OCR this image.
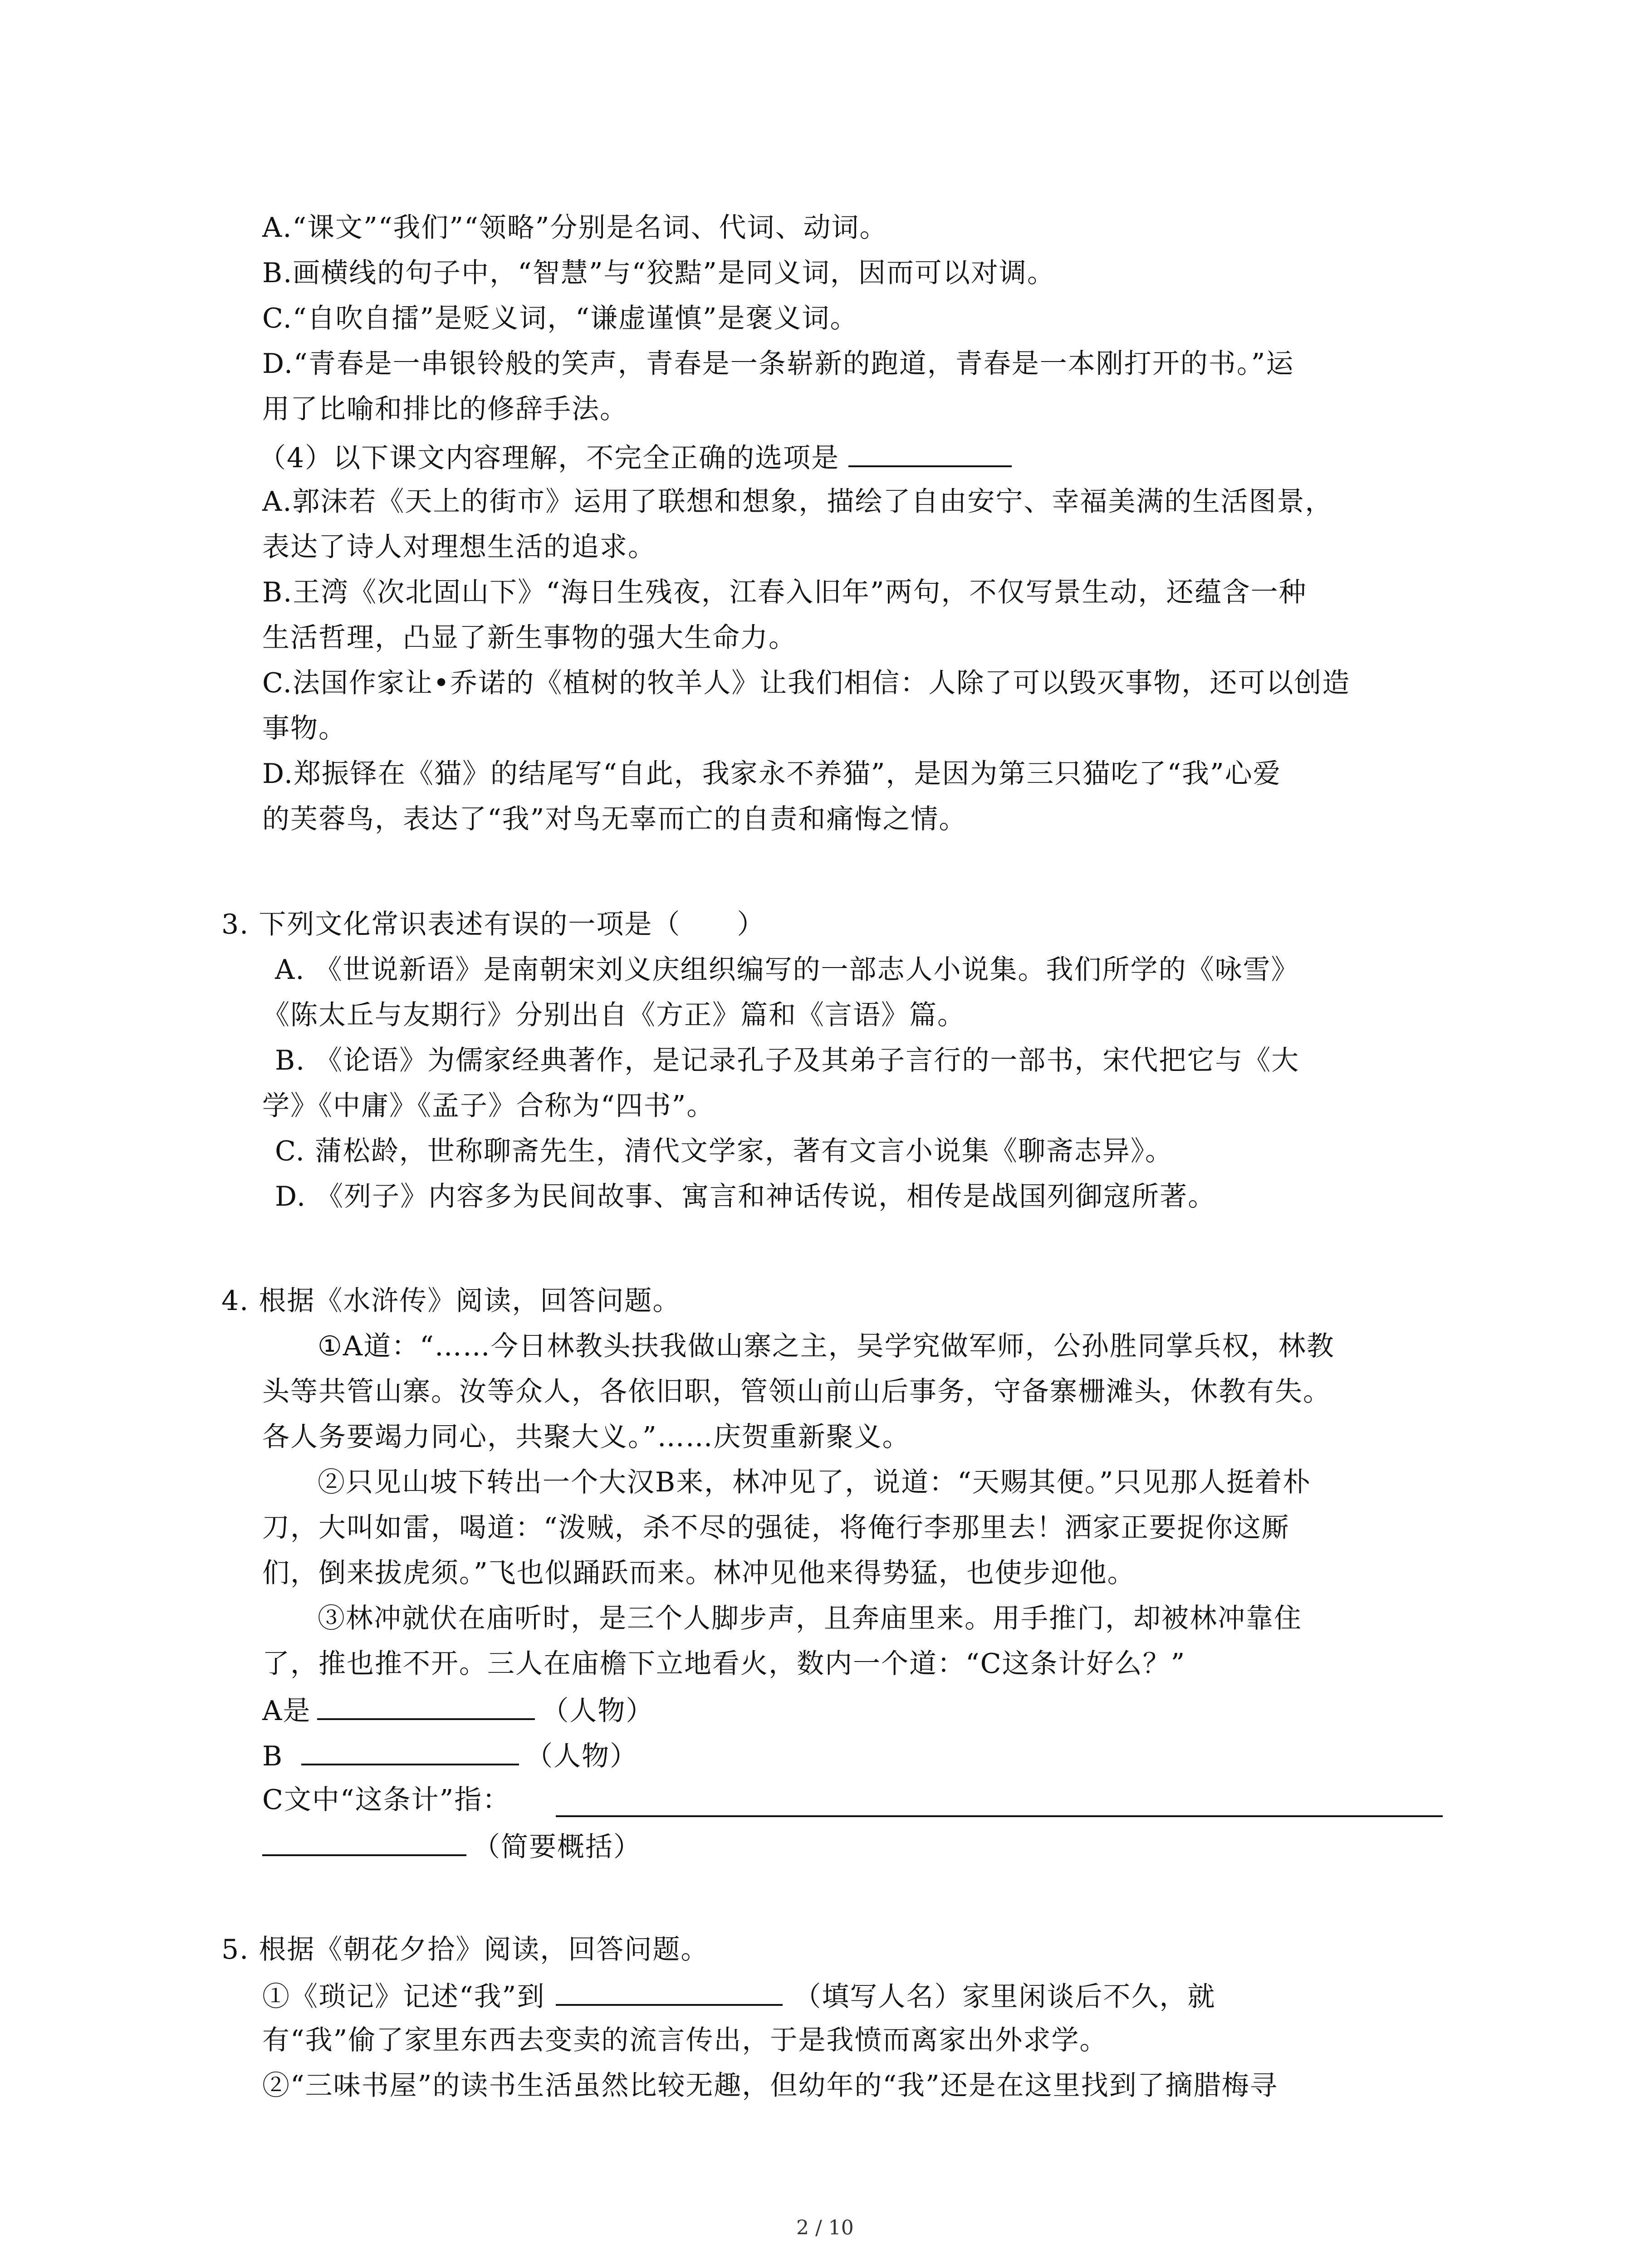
A.“课文”“我们”“领略”分别是名词、代词、动词。
B.画横线的句子中，“智慧”与“狡黠”是同义词，因而可以对调。
C.“自吹自擂”是贬义词，“谦虚谨慎”是褒义词。
D.“青春是一串银铃般的笑声，青春是一条崭新的跑道，青春是一本刚打开的书。”运
用了比喻和排比的修辞手法。
（4）以下课文内容理解，不完全正确的选项是
A.郭沫若《天上的街市》运用了联想和想象，描绘了自由安宁、幸福美满的生活图景，
表达了诗人对理想生活的追求。
B.王湾《次北固山下》“海日生残夜，江春入旧年”两句，不仅写景生动，还蕴含一种
生活哲理，凸显了新生事物的强大生命力。
C.法国作家让•乔诺的《植树的牧羊人》让我们相信：人除了可以毁灭事物，还可以创造
事物。
D.郑振铎在《猫》的结尾写“自此，我家永不养猫”，是因为第三只猫吃了“我”心爱
的芙蓉鸟，表达了“我”对鸟无辜而亡的自责和痛悔之情。
3. 下列文化常识表述有误的一项是（　　）
A. 《世说新语》是南朝宋刘义庆组织编写的一部志人小说集。我们所学的《咏雪》
《陈太丘与友期行》分别出自《方正》篇和《言语》篇。
B. 《论语》为儒家经典著作，是记录孔子及其弟子言行的一部书，宋代把它与《大
学》《中庸》《孟子》合称为“四书”。
C. 蒲松龄，世称聊斋先生，清代文学家，著有文言小说集《聊斋志异》。
D. 《列子》内容多为民间故事、寓言和神话传说，相传是战国列御寇所著。
4. 根据《水浒传》阅读，回答问题。
①A道：“……今日林教头扶我做山寨之主，吴学究做军师，公孙胜同掌兵权，林教
头等共管山寨。汝等众人，各依旧职，管领山前山后事务，守备寨栅滩头，休教有失。
各人务要竭力同心，共聚大义。”……庆贺重新聚义。
②只见山坡下转出一个大汉B来，林冲见了，说道：“天赐其便。”只见那人挺着朴
刀，大叫如雷，喝道：“泼贼，杀不尽的强徒，将俺行李那里去！洒家正要捉你这厮
们，倒来拔虎须。”飞也似踊跃而来。林冲见他来得势猛，也使步迎他。
③林冲就伏在庙听时，是三个人脚步声，且奔庙里来。用手推门，却被林冲靠住
了，推也推不开。三人在庙檐下立地看火，数内一个道：“C这条计好么？”
A是	（人物）
B	（人物）
C文中“这条计”指：
（简要概括）
5. 根据《朝花夕拾》阅读，回答问题。
①《琐记》记述“我”到	（填写人名）家里闲谈后不久，就
有“我”偷了家里东西去变卖的流言传出，于是我愤而离家出外求学。
②“三味书屋”的读书生活虽然比较无趣，但幼年的“我”还是在这里找到了摘腊梅寻
2 / 10
